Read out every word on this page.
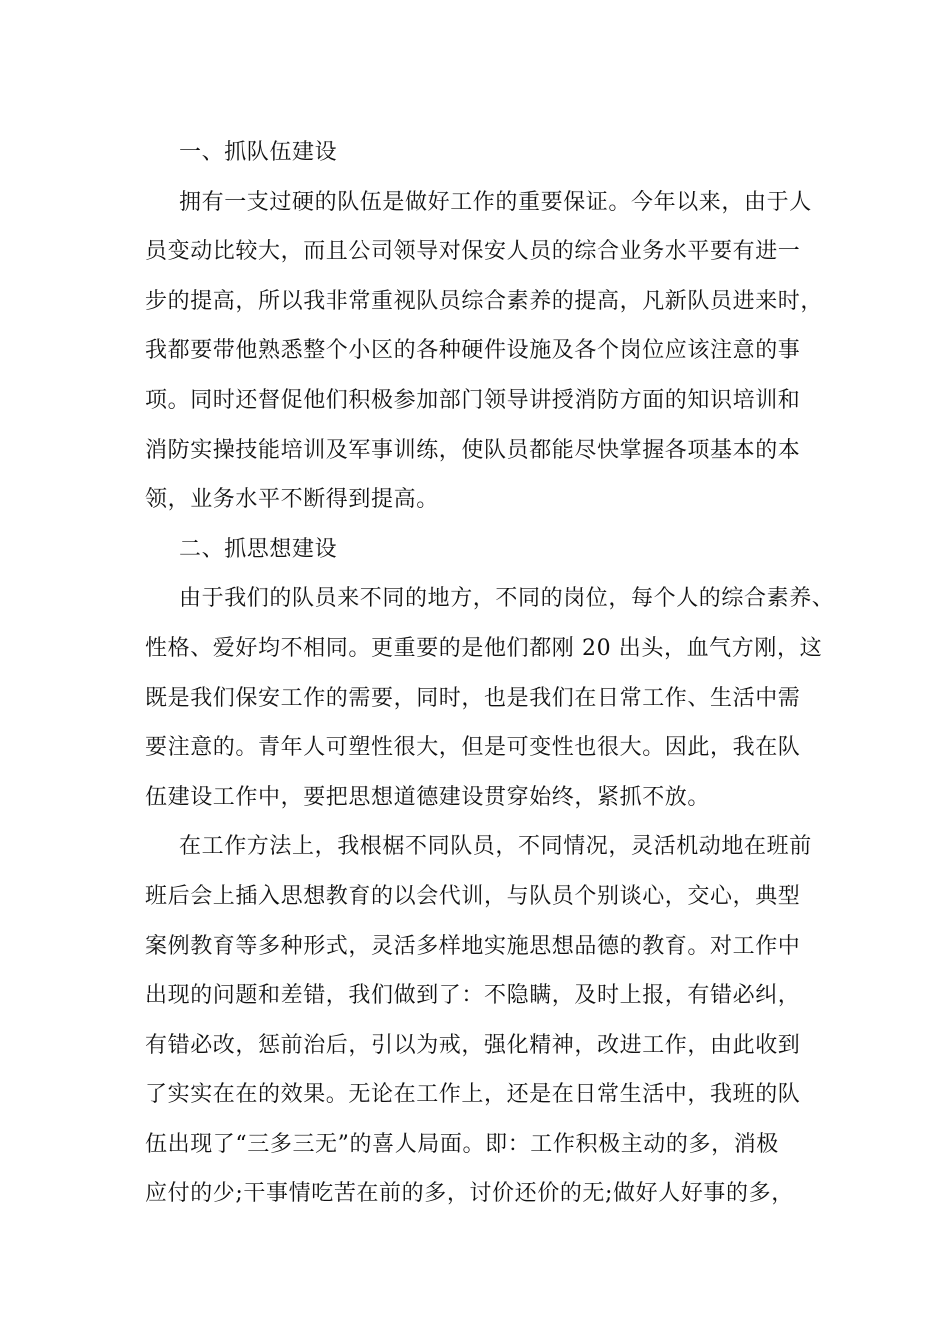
一、抓队伍建设
拥有一支过硬的队伍是做好工作的重要保证。今年以来，由于人
员变动比较大，而且公司领导对保安人员的综合业务水平要有进一
步的提高，所以我非常重视队员综合素养的提高，凡新队员进来时，
我都要带他熟悉整个小区的各种硬件设施及各个岗位应该注意的事
项。同时还督促他们积极参加部门领导讲授消防方面的知识培训和
消防实操技能培训及军事训练，使队员都能尽快掌握各项基本的本
领，业务水平不断得到提高。
二、抓思想建设
由于我们的队员来不同的地方，不同的岗位，每个人的综合素养、
性格、爱好均不相同。更重要的是他们都刚 20 出头，血气方刚，这
既是我们保安工作的需要，同时，也是我们在日常工作、生活中需
要注意的。青年人可塑性很大，但是可变性也很大。因此，我在队
伍建设工作中，要把思想道德建设贯穿始终，紧抓不放。
在工作方法上，我根椐不同队员，不同情况，灵活机动地在班前
班后会上插入思想教育的以会代训，与队员个别谈心，交心，典型
案例教育等多种形式，灵活多样地实施思想品德的教育。对工作中
出现的问题和差错，我们做到了：不隐瞒，及时上报，有错必纠，
有错必改，惩前治后，引以为戒，强化精神，改进工作，由此收到
了实实在在的效果。无论在工作上，还是在日常生活中，我班的队
伍出现了“三多三无”的喜人局面。即：工作积极主动的多，消极
应付的少;干事情吃苦在前的多，讨价还价的无;做好人好事的多，
